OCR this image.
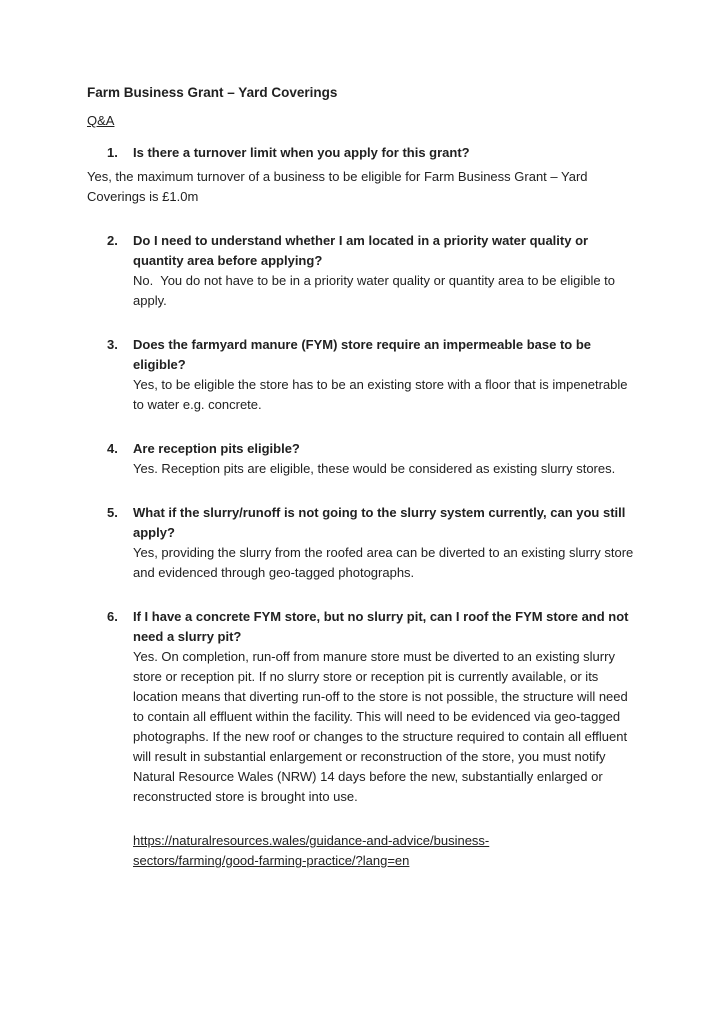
Farm Business Grant – Yard Coverings

Q&A

1. Is there a turnover limit when you apply for this grant?

Yes, the maximum turnover of a business to be eligible for Farm Business Grant – Yard Coverings is £1.0m

2. Do I need to understand whether I am located in a priority water quality or quantity area before applying?
No.  You do not have to be in a priority water quality or quantity area to be eligible to apply.
3. Does the farmyard manure (FYM) store require an impermeable base to be eligible?
Yes, to be eligible the store has to be an existing store with a floor that is impenetrable to water e.g. concrete.
4. Are reception pits eligible?
Yes. Reception pits are eligible, these would be considered as existing slurry stores.
5. What if the slurry/runoff is not going to the slurry system currently, can you still apply?
Yes, providing the slurry from the roofed area can be diverted to an existing slurry store and evidenced through geo-tagged photographs.
6. If I have a concrete FYM store, but no slurry pit, can I roof the FYM store and not need a slurry pit?
Yes. On completion, run-off from manure store must be diverted to an existing slurry store or reception pit. If no slurry store or reception pit is currently available, or its location means that diverting run-off to the store is not possible, the structure will need to contain all effluent within the facility. This will need to be evidenced via geo-tagged photographs. If the new roof or changes to the structure required to contain all effluent will result in substantial enlargement or reconstruction of the store, you must notify Natural Resource Wales (NRW) 14 days before the new, substantially enlarged or reconstructed store is brought into use.

https://naturalresources.wales/guidance-and-advice/business-sectors/farming/good-farming-practice/?lang=en
